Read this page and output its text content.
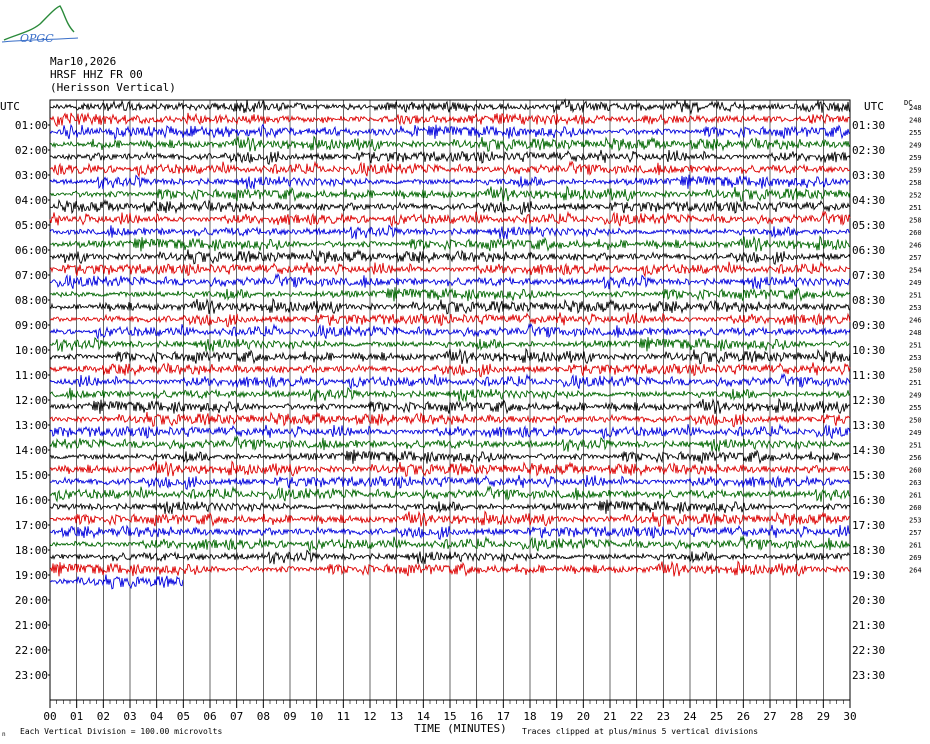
OPGC
Mar10,2026
HRSF HHZ FR 00
(Herisson Vertical)
UTC	UTC	DC
00 01 02 03 04 05 06 07 08 09 10 11 12 13 14 15 16 17 18 19 20 21 22 23 24 25 26 27 28 29 30
01:00
02:00
03:00
04:00
05:00
06:00
07:00
08:00
09:00
10:00
11:00
12:00
13:00
14:00
15:00
16:00
17:00
18:00
19:00
20:00
21:00
22:00
23:00
01:30
02:30
03:30
04:30
05:30
06:30
07:30
08:30
09:30
10:30
11:30
12:30
13:30
14:30
15:30
16:30
17:30
18:30
19:30
20:30
21:30
22:30
23:30
248
248
255
249
259
259
258
252
251
258
260
246
257
254
249
251
253
246
248
251
253
250
251
249
255
250
249
251
256
260
263
261
260
253
257
261
269
264
TIME (MINUTES)
Each Vertical Division = 100.00 microvolts	Traces clipped at plus/minus 5 vertical divisions
n
